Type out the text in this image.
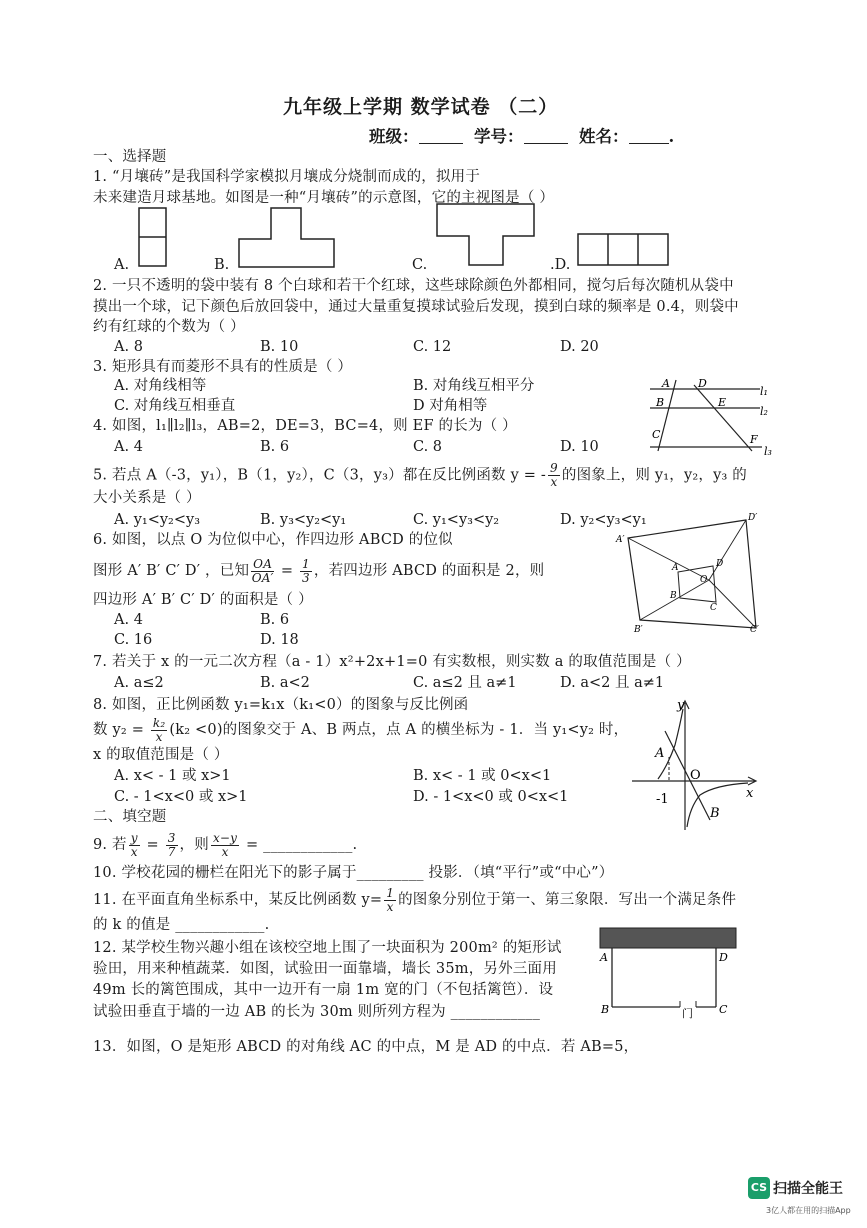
九年级上学期 数学试卷 （二）
班级：	学号：	姓名： .
一、选择题
1. “月壤砖”是我国科学家模拟月壤成分烧制而成的，拟用于
未来建造月球基地。如图是一种“月壤砖”的示意图，它的主视图是（ ）
A.	B.	C.	.D.
2. 一只不透明的袋中装有 8 个白球和若干个红球，这些球除颜色外都相同，搅匀后每次随机从袋中
摸出一个球，记下颜色后放回袋中，通过大量重复摸球试验后发现，摸到白球的频率是 0.4，则袋中
约有红球的个数为（ ）
A. 8	B. 10	C. 12	D. 20
3. 矩形具有而菱形不具有的性质是（ ）
A. 对角线相等	B. 对角线互相平分
C. 对角线互相垂直	D 对角相等
A	D
l₁
B	E
l₂
C	F
l₃
4. 如图，l₁∥l₂∥l₃，AB=2，DE=3，BC=4，则 EF 的长为（ ）
A. 4	B. 6	C. 8	D. 10
5. 若点 A（-3，y₁），B（1，y₂），C（3，y₃）都在反比例函数 y = - $\frac{9}{x}$ 的图象上，则 y₁，y₂，y₃ 的
大小关系是（ ）
A. y₁<y₂<y₃	B. y₃<y₂<y₁	C. y₁<y₃<y₂	D. y₂<y₃<y₁
A′
D′
A	D
O
B
C
B′	C′
6. 如图，以点 O 为位似中心，作四边形 ABCD 的位似
图形 A′ B′ C′ D′ ，已知 $\frac{OA}{OA'} = \frac{1}{3}$ ，若四边形 ABCD 的面积是 2，则
四边形 A′ B′ C′ D′ 的面积是（ ）
A. 4	B. 6
C. 16	D. 18
7. 若关于 x 的一元二次方程（a - 1）x²+2x+1=0 有实数根，则实数 a 的取值范围是（ ）
A. a≤2	B. a<2	C. a≤2 且 a≠1	D. a<2 且 a≠1
y
A
O
x
-1
B
8. 如图，正比例函数 y₁=k₁x（k₁<0）的图象与反比例函
数 $y_2 = \frac{\text{k₂}}{x} (k_2 <0)$的图象交于 A、B 两点，点 A 的横坐标为 - 1．当 y₁<y₂ 时，
x 的取值范围是（ ）
A. x< - 1 或 x>1	B. x< - 1 或 0<x<1
C. - 1<x<0 或 x>1	D. - 1<x<0 或 0<x<1
二、填空题
9. 若 $\frac{y}{x} = \frac{3}{7}$ ，则 $\frac{x-y}{x}$ = ____________.
10. 学校花园的栅栏在阳光下的影子属于_________ 投影．（填“平行”或“中心”）
11. 在平面直角坐标系中，某反比例函数 $y= \frac{1}{x}$ 的图象分别位于第一、第三象限．写出一个满足条件
的 k 的值是 ____________.
A	D
B	门 C
12. 某学校生物兴趣小组在该校空地上围了一块面积为 200m² 的矩形试
验田，用来种植蔬菜．如图，试验田一面靠墙，墙长 35m，另外三面用
49m 长的篱笆围成，其中一边开有一扇 1m 宽的门（不包括篱笆）．设
试验田垂直于墙的一边 AB 的长为 30m 则所列方程为 ____________
13．如图，O 是矩形 ABCD 的对角线 AC 的中点，M 是 AD 的中点．若 AB=5，
CS 扫描全能王
3亿人都在用的扫描App
